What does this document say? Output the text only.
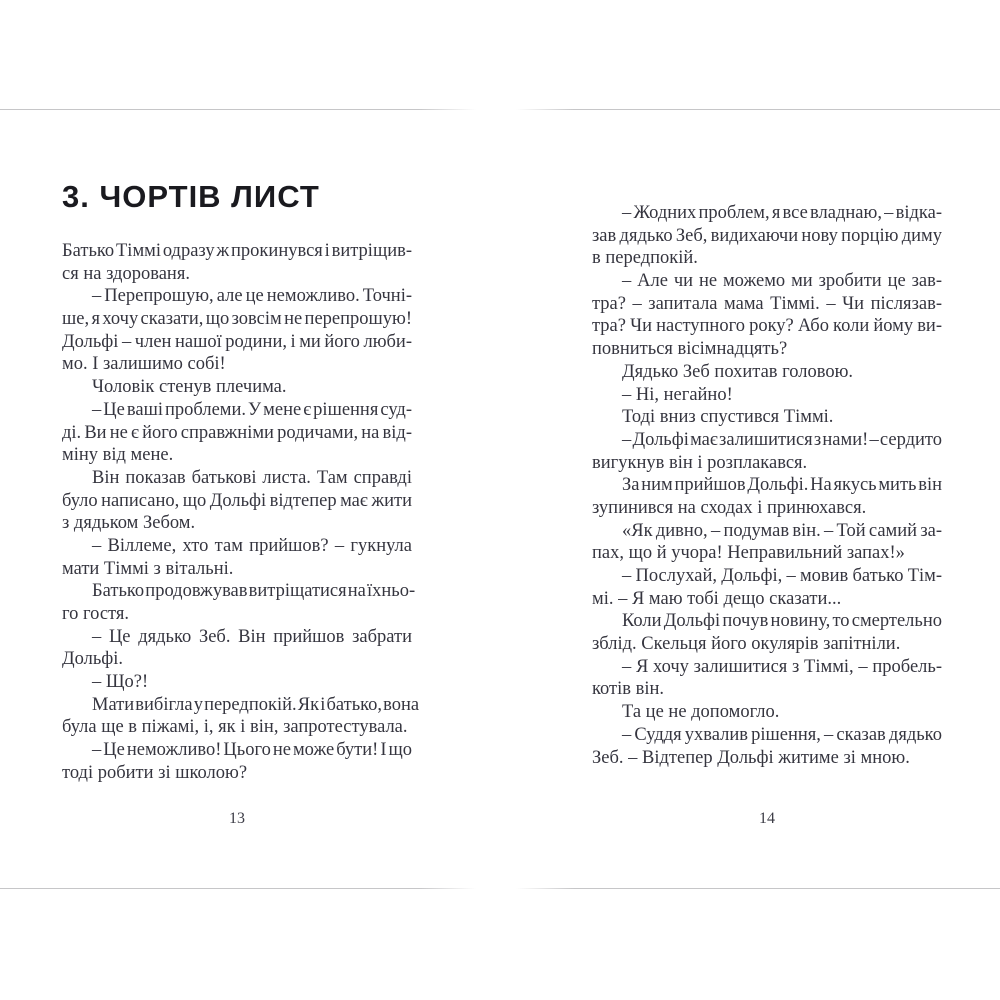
3. ЧОРТІВ ЛИСТ
Батько Тіммі одразу ж прокинувся і витріщив-
ся на здорованя.
– Перепрошую, але це неможливо. Точні-
ше, я хочу сказати, що зовсім не перепрошую!
Дольфі – член нашої родини, і ми його люби-
мо. І залишимо собі!
Чоловік стенув плечима.
– Це ваші проблеми. У мене є рішення суд-
ді. Ви не є його справжніми родичами, на від-
міну від мене.
Він показав батькові листа. Там справді
було написано, що Дольфі відтепер має жити
з дядьком Зебом.
– Віллеме, хто там прийшов? – гукнула
мати Тіммі з вітальні.
Батько продовжував витріщатися на їхньо-
го гостя.
– Це дядько Зеб. Він прийшов забрати
Дольфі.
– Що?!
Мати вибігла у передпокій. Як і батько, вона
була ще в піжамі, і, як і він, запротестувала.
– Це неможливо! Цього не може бути! І що
тоді робити зі школою?
– Жодних проблем, я все владнаю, – відка-
зав дядько Зеб, видихаючи нову порцію диму
в передпокій.
– Але чи не можемо ми зробити це зав-
тра? – запитала мама Тіммі. – Чи післязав-
тра? Чи наступного року? Або коли йому ви-
повниться вісімнадцять?
Дядько Зеб похитав головою.
– Ні, негайно!
Тоді вниз спустився Тіммі.
– Дольфі має залишитися з нами! – сердито
вигукнув він і розплакався.
За ним прийшов Дольфі. На якусь мить він
зупинився на сходах і принюхався.
«Як дивно, – подумав він. – Той самий за-
пах, що й учора! Неправильний запах!»
– Послухай, Дольфі, – мовив батько Тім-
мі. – Я маю тобі дещо сказати...
Коли Дольфі почув новину, то смертельно
зблід. Скельця його окулярів запітніли.
– Я хочу залишитися з Тіммі, – пробель-
котів він.
Та це не допомогло.
– Суддя ухвалив рішення, – сказав дядько
Зеб. – Відтепер Дольфі житиме зі мною.
13	14
